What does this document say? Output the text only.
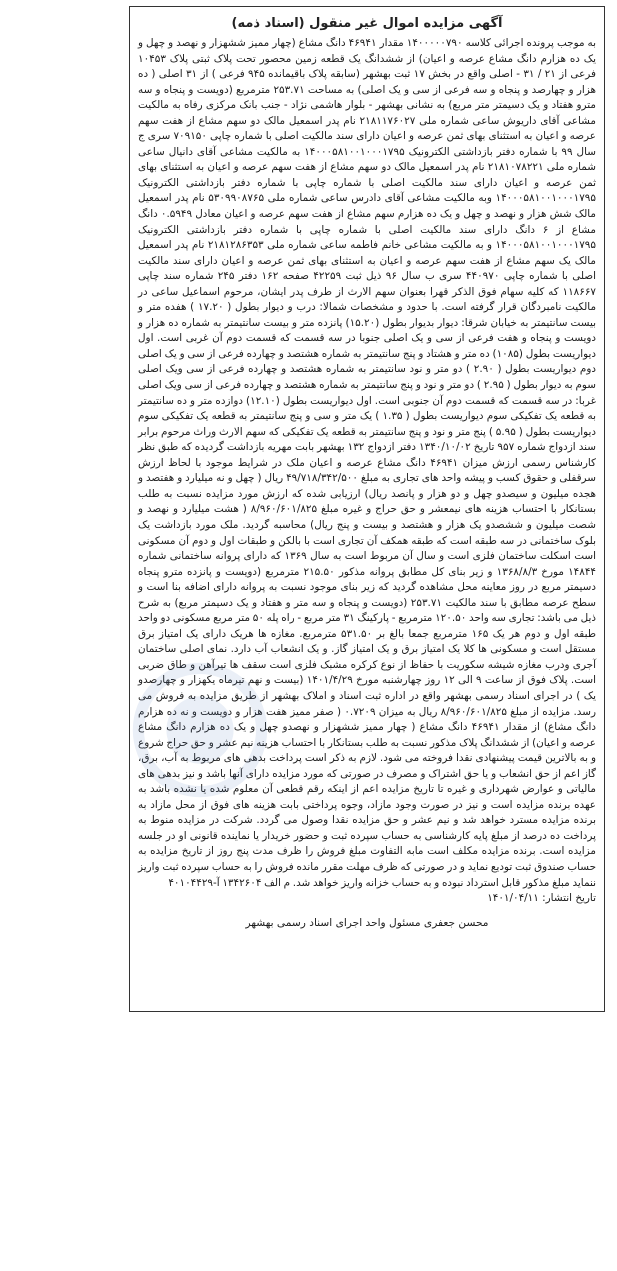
آگهی مزایده اموال غیر منقول (اسناد ذمه)

به موجب پرونده اجرائی کلاسه ۱۴۰۰۰۰۰۷۹۰ مقدار ۴۶۹۴۱ دانگ مشاع (چهار ممیز ششهزار و نهصد و چهل و یک ده هزارم دانگ مشاع عرصه و اعیان) از ششدانگ یک قطعه زمین محصور تحت پلاک ثبتی پلاک ۱۰۴۵۳ فرعی از ۲۱ / ۳۱ - اصلی واقع در بخش ۱۷ ثبت بهشهر (سابقه پلاک باقیمانده ۹۴۵ فرعی ) از ۳۱ اصلی ( ده هزار و چهارصد و پنجاه و سه فرعی از سی و یک اصلی) به مساحت ۲۵۳.۷۱ مترمربع (دویست و پنجاه و سه مترو هفتاد و یک دسیمتر متر مربع) به نشانی بهشهر - بلوار هاشمی نژاد - جنب بانک مرکزی رفاه به مالکیت مشاعی آقای داریوش ساعی شماره ملی ۲۱۸۱۱۷۶۰۲۷ نام پدر اسمعیل مالک دو سهم مشاع از هفت سهم عرصه و اعیان به استثنای بهای ثمن عرصه و اعیان دارای سند مالکیت اصلی با شماره چاپی ۷۰۹۱۵۰ سری ج سال ۹۹ با شماره دفتر بازداشتی الکترونیک ۱۴۰۰۰۵۸۱۰۰۱۰۰۰۱۷۹۵ به مالکیت مشاعی آقای دانیال ساعی شماره ملی ۲۱۸۱۰۷۸۲۲۱ نام پدر اسمعیل مالک دو سهم مشاع از هفت سهم عرصه و اعیان به استثنای بهای ثمن عرصه و اعیان دارای سند مالکیت اصلی با شماره چاپی با شماره دفتر بازداشتی الکترونیک ۱۴۰۰۰۵۸۱۰۰۱۰۰۰۱۷۹۵ وبه مالکیت مشاعی آقای دادرس ساعی شماره ملی ۵۳۰۹۹۰۸۷۶۵ نام پدر اسمعیل مالک شش هزار و نهصد و چهل و یک ده هزارم سهم مشاع از هفت سهم عرصه و اعیان معادل ۰.۵۹۴۹ دانگ مشاع از ۶ دانگ دارای سند مالکیت اصلی با شماره چاپی با شماره دفتر بازداشتی الکترونیک ۱۴۰۰۰۵۸۱۰۰۱۰۰۰۱۷۹۵ و به مالکیت مشاعی خانم فاطمه ساعی شماره ملی ۲۱۸۱۲۸۶۳۵۳ نام پدر اسمعیل مالک یک سهم مشاع از هفت سهم عرصه و اعیان به استثنای بهای ثمن عرصه و اعیان دارای سند مالکیت اصلی با شماره چاپی ۴۴۰۹۷۰ سری ب سال ۹۶ ذیل ثبت ۴۲۲۵۹ صفحه ۱۶۲ دفتر ۲۴۵ شماره سند چاپی ۱۱۸۶۶۷ که کلیه سهام فوق الذکر قهرا بعنوان سهم الارث از طرف پدر ایشان، مرحوم اسماعیل ساعی در مالکیت نامبردگان قرار گرفته است. با حدود و مشخصات شمالا: درب و دیوار بطول ( ۱۷.۲۰ ) هفده متر و بیست سانتیمتر به خیابان شرقا: دیوار بدیوار بطول (۱۵.۲۰) پانزده متر و بیست سانتیمتر به شماره ده هزار و دویست و پنجاه و هفت فرعی از سی و یک اصلی جنوبا در سه قسمت که قسمت دوم آن غربی است. اول دیواریست بطول (۱۰۸۵) ده متر و هشتاد و پنج سانتیمتر به شماره هشتصد و چهارده فرعی از سی و یک اصلی دوم دیواریست بطول ( ۲.۹۰ ) دو متر و نود سانتیمتر به شماره هشتصد و چهارده فرعی از سی ویک اصلی سوم به دیوار بطول ( ۲.۹۵ ) دو متر و نود و پنج سانتیمتر به شماره هشتصد و چهارده فرعی از سی ویک اصلی غربا: در سه قسمت که قسمت دوم آن جنوبی است. اول دیواریست بطول (۱۲.۱۰) دوازده متر و ده سانتیمتر به قطعه یک تفکیکی سوم دیواریست بطول ( ۱.۳۵ ) یک متر و سی و پنج سانتیمتر به قطعه یک تفکیکی سوم دیواریست بطول ( ۵.۹۵ ) پنج متر و نود و پنج سانتیمتر به قطعه یک تفکیکی که سهم الارث وراث مرحوم برابر سند ازدواج شماره ۹۵۷ تاریخ ۱۳۴۰/۱۰/۰۲ دفتر ازدواج ۱۳۲ بهشهر بابت مهریه بازداشت گردیده که طبق نظر کارشناس رسمی ارزش میزان ۴۶۹۴۱ دانگ مشاع عرصه و اعیان ملک در شرایط موجود با لحاظ ارزش سرقفلی و حقوق کسب و پیشه واحد های تجاری به مبلغ ۴۹/۷۱۸/۳۴۲/۵۰۰ ریال ( چهل و نه میلیارد و هفتصد و هجده میلیون و سیصدو چهل و دو هزار و پانصد ریال) ارزیابی شده که ارزش مورد مزایده نسبت به طلب بستانکار با احتساب هزینه های نیمعشر و حق حراج و غیره مبلغ ۸/۹۶۰/۶۰۱/۸۲۵ ( هشت میلیارد و نهصد و شصت میلیون و ششصدو یک هزار و هشتصد و بیست و پنج ریال) محاسبه گردید. ملک مورد بازداشت یک بلوک ساختمانی در سه طبقه است که طبقه همکف آن تجاری است با بالکن و طبقات اول و دوم آن مسکونی است اسکلت ساختمان فلزی است و سال آن مربوط است به سال ۱۳۶۹ که دارای پروانه ساختمانی شماره ۱۴۸۴۴ مورخ ۱۳۶۸/۸/۳ و زیر بنای کل مطابق پروانه مذکور ۲۱۵.۵۰ مترمربع (دویست و پانزده مترو پنجاه دسیمتر مربع در روز معاینه محل مشاهده گردید که زیر بنای موجود نسبت به پروانه دارای اضافه بنا است و سطح عرصه مطابق با سند مالکیت ۲۵۳.۷۱ (دویست و پنجاه و سه متر و هفتاد و یک دسیمتر مربع) به شرح ذیل می باشد: تجاری سه واحد ۱۲۰.۵۰ مترمربع - پارکینگ ۳۱ متر مربع - راه پله ۵۰ متر مربع مسکونی دو واحد طبقه اول و دوم هر یک ۱۶۵ مترمربع جمعا بالغ بر ۵۳۱.۵۰ مترمربع. مغازه ها هریک دارای یک امتیاز برق مستقل است و مسکونی ها کلا یک امتیاز برق و یک امتیاز گاز. و یک انشعاب آب دارد. نمای اصلی ساختمان آجری ودرب مغازه شیشه سکوریت با حفاظ از نوع کرکره مشبک فلزی است سقف ها تیرآهن و طاق ضربی است. پلاک فوق از ساعت ۹ الی ۱۲ روز چهارشنبه مورخ ۱۴۰۱/۴/۲۹ (بیست و نهم تیرماه یکهزار و چهارصدو یک ) در اجرای اسناد رسمی بهشهر واقع در اداره ثبت اسناد و املاک بهشهر از طریق مزایده به فروش می رسد. مزایده از مبلغ ۸/۹۶۰/۶۰۱/۸۲۵ ریال به میزان ۰.۷۲۰۹ ( صفر ممیز هفت هزار و دویست و نه ده هزارم دانگ مشاع) از مقدار ۴۶۹۴۱ دانگ مشاع ( چهار ممیز ششهزار و نهصدو چهل و یک ده هزارم دانگ مشاع عرصه و اعیان) از ششدانگ پلاک مذکور نسبت به طلب بستانکار با احتساب هزینه نیم عشر و حق حراج شروع و به بالاترین قیمت پیشنهادی نقدا فروخته می شود. لازم به ذکر است پرداخت بدهی های مربوط به آب، برق، گاز اعم از حق انشعاب و یا حق اشتراک و مصرف در صورتی که مورد مزایده دارای آنها باشد و نیز بدهی های مالیاتی و عوارض شهرداری و غیره تا تاریخ مزایده اعم از اینکه رقم قطعی آن معلوم شده یا نشده باشد به عهده برنده مزایده است و نیز در صورت وجود مازاد، وجوه پرداختی بابت هزینه های فوق از محل مازاد به برنده مزایده مسترد خواهد شد و نیم عشر و حق مزایده نقدا وصول می گردد. شرکت در مزایده منوط به پرداخت ده درصد از مبلغ پایه کارشناسی به حساب سپرده ثبت و حضور خریدار یا نماینده قانونی او در جلسه مزایده است. برنده مزایده مکلف است مابه التفاوت مبلغ فروش را ظرف مدت پنج روز از تاریخ مزایده به حساب صندوق ثبت تودیع نماید و در صورتی که ظرف مهلت مقرر مانده فروش را به حساب سپرده ثبت واریز ننماید مبلغ مذکور قابل استرداد نبوده و به حساب خزانه واریز خواهد شد. م الف ۱۳۴۲۶۰۴ آ-۴۰۱۰۴۴۲۹

تاریخ انتشار: ۱۴۰۱/۰۴/۱۱
محسن جعفری مسئول واحد اجرای اسناد رسمی بهشهر
